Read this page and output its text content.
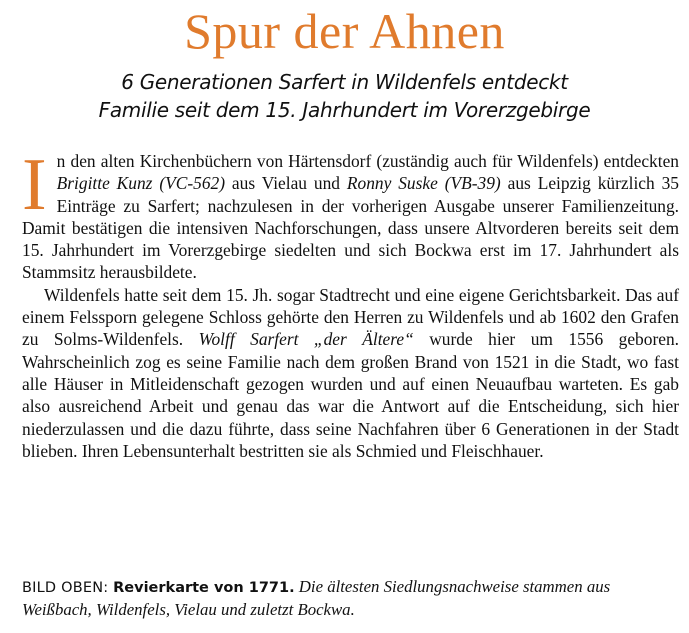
Spur der Ahnen
6 Generationen Sarfert in Wildenfels entdeckt
Familie seit dem 15. Jahrhundert im Vorerzgebirge

In den alten Kirchenbüchern von Härtensdorf (zuständig auch für Wildenfels) entdeckten Brigitte Kunz (VC-562) aus Vielau und Ronny Suske (VB-39) aus Leipzig kürzlich 35 Einträge zu Sarfert; nachzulesen in der vorherigen Ausgabe unserer Familienzeitung. Damit bestätigen die intensiven Nachforschungen, dass unsere Altvorderen bereits seit dem 15. Jahrhundert im Vorerzgebirge siedelten und sich Bockwa erst im 17. Jahrhundert als Stammsitz herausbildete.

Wildenfels hatte seit dem 15. Jh. sogar Stadtrecht und eine eigene Gerichtsbarkeit. Das auf einem Felssporn gelegene Schloss gehörte den Herren zu Wildenfels und ab 1602 den Grafen zu Solms-Wildenfels. Wolff Sarfert „der Ältere“ wurde hier um 1556 geboren. Wahrscheinlich zog es seine Familie nach dem großen Brand von 1521 in die Stadt, wo fast alle Häuser in Mitleidenschaft gezogen wurden und auf einen Neuaufbau warteten. Es gab also ausreichend Arbeit und genau das war die Antwort auf die Entscheidung, sich hier niederzulassen und die dazu führte, dass seine Nachfahren über 6 Generationen in der Stadt blieben. Ihren Lebensunterhalt bestritten sie als Schmied und Fleischhauer.

BILD OBEN: Revierkarte von 1771. Die ältesten Siedlungsnachweise stammen aus Weißbach, Wildenfels, Vielau und zuletzt Bockwa.
